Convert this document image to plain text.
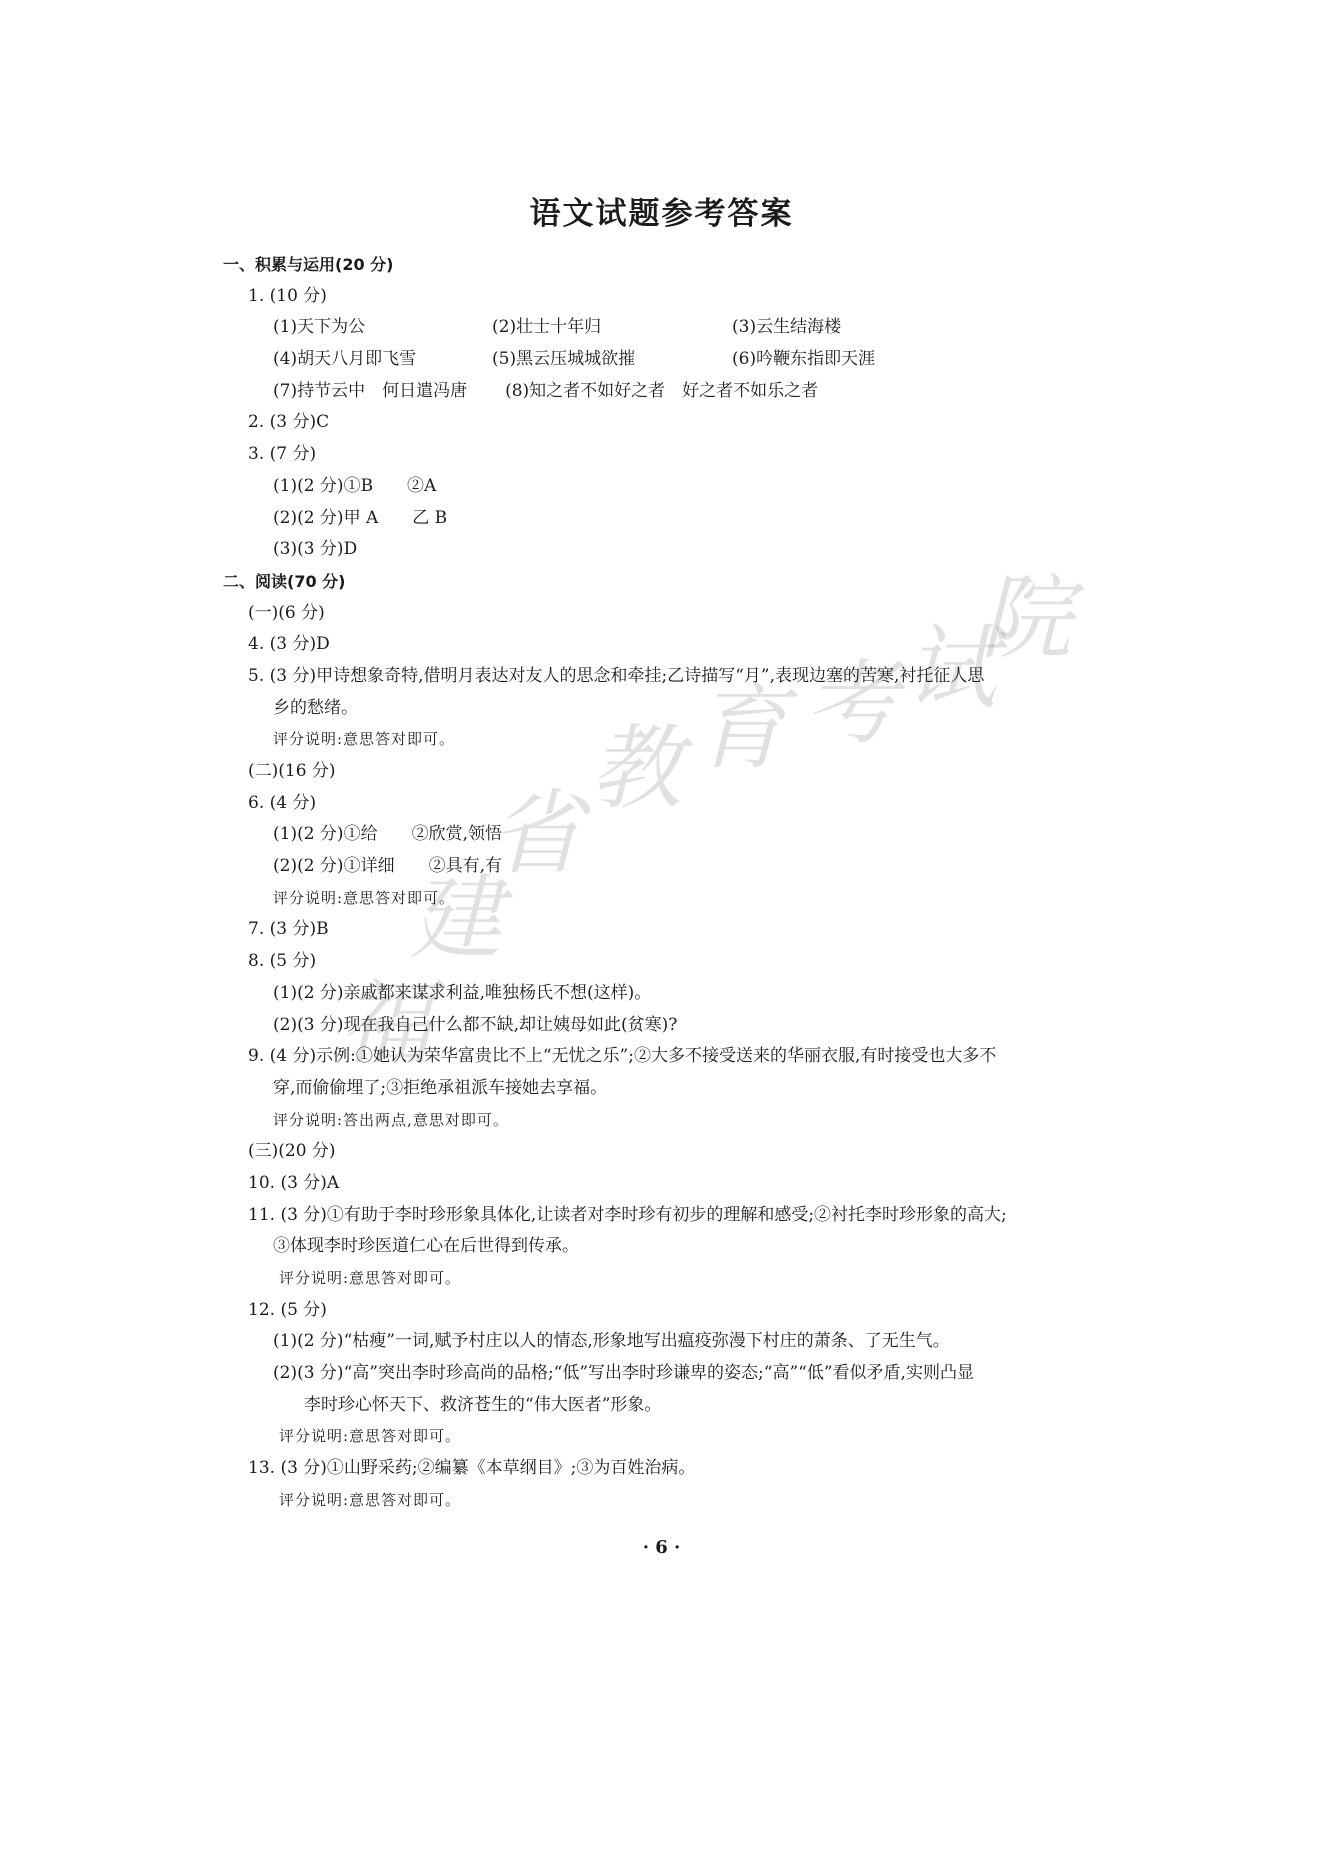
语文试题参考答案
福
建
省
教 育 考 试
院
一、积累与运用(20 分)
1. (10 分)
(1)天下为公	(2)壮士十年归	(3)云生结海楼
(4)胡天八月即飞雪	(5)黑云压城城欲摧	(6)吟鞭东指即天涯
(7)持节云中　何日遣冯唐 (8)知之者不如好之者　好之者不如乐之者
2. (3 分)C
3. (7 分)
(1)(2 分)①B　　②A
(2)(2 分)甲 A　　乙 B
(3)(3 分)D
二、阅读(70 分)
(一)(6 分)
4. (3 分)D
5. (3 分)甲诗想象奇特,借明月表达对友人的思念和牵挂;乙诗描写“月”,表现边塞的苦寒,衬托征人思
乡的愁绪。
评分说明:意思答对即可。
(二)(16 分)
6. (4 分)
(1)(2 分)①给　　②欣赏,领悟
(2)(2 分)①详细　　②具有,有
评分说明:意思答对即可。
7. (3 分)B
8. (5 分)
(1)(2 分)亲戚都来谋求利益,唯独杨氏不想(这样)。
(2)(3 分)现在我自己什么都不缺,却让姨母如此(贫寒)?
9. (4 分)示例:①她认为荣华富贵比不上“无忧之乐”;②大多不接受送来的华丽衣服,有时接受也大多不
穿,而偷偷埋了;③拒绝承祖派车接她去享福。
评分说明:答出两点,意思对即可。
(三)(20 分)
10. (3 分)A
11. (3 分)①有助于李时珍形象具体化,让读者对李时珍有初步的理解和感受;②衬托李时珍形象的高大;
③体现李时珍医道仁心在后世得到传承。
评分说明:意思答对即可。
12. (5 分)
(1)(2 分)“枯瘦”一词,赋予村庄以人的情态,形象地写出瘟疫弥漫下村庄的萧条、了无生气。
(2)(3 分)“高”突出李时珍高尚的品格;“低”写出李时珍谦卑的姿态;“高”“低”看似矛盾,实则凸显
李时珍心怀天下、救济苍生的“伟大医者”形象。
评分说明:意思答对即可。
13. (3 分)①山野采药;②编纂《本草纲目》;③为百姓治病。
评分说明:意思答对即可。
· 6 ·
